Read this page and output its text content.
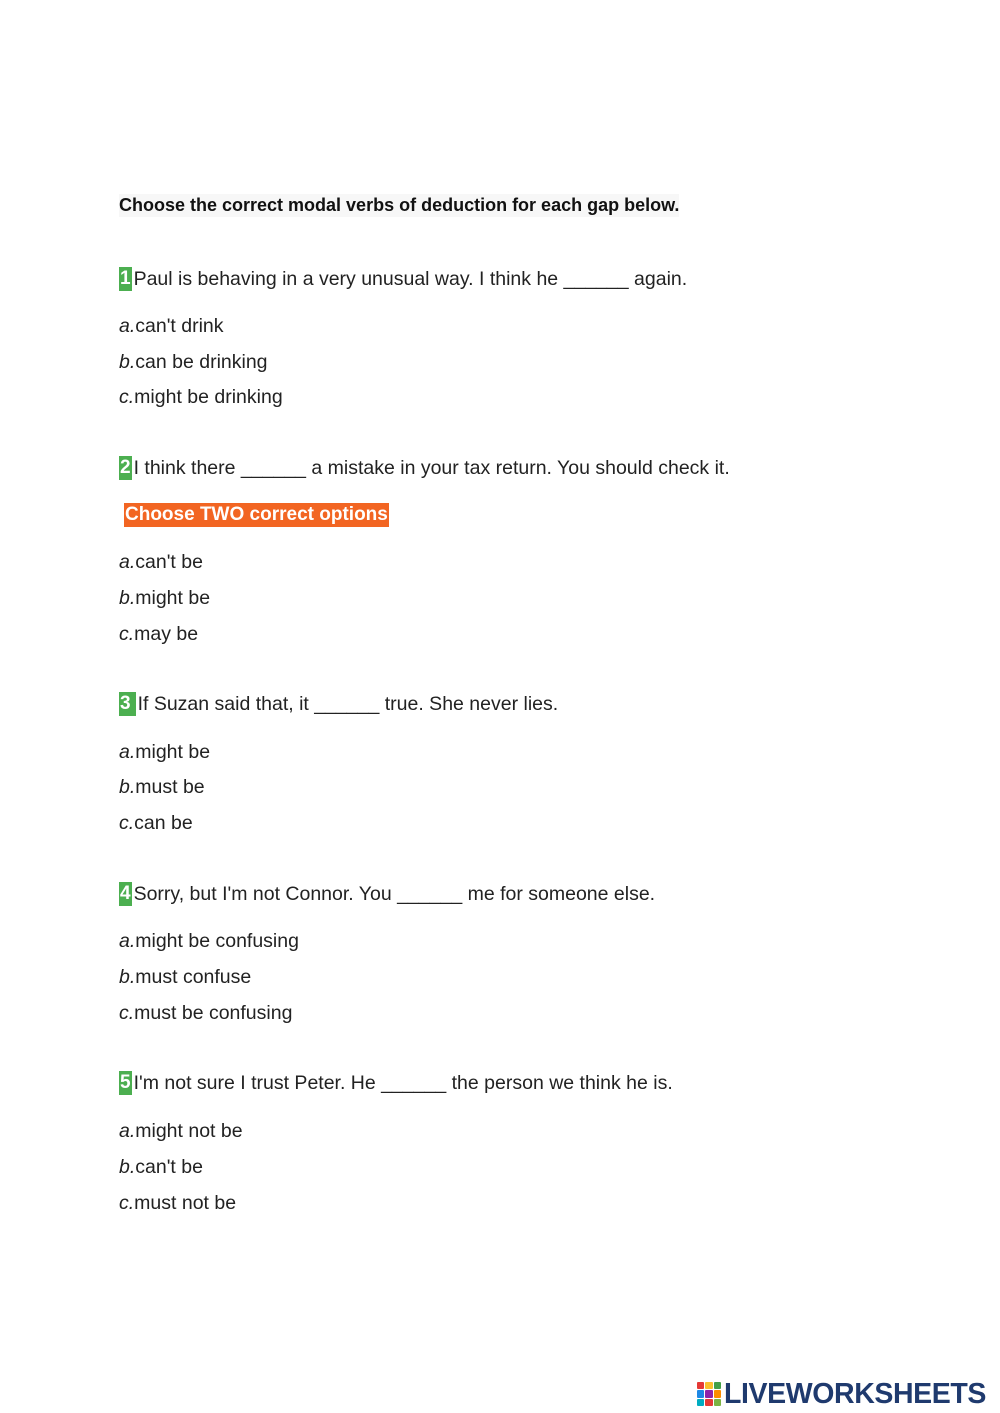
Choose the correct modal verbs of deduction for each gap below.
1 Paul is behaving in a very unusual way. I think he ______ again.
a.can't drink
b.can be drinking
c.might be drinking
2 I think there ______ a mistake in your tax return. You should check it.
Choose TWO correct options
a.can't be
b.might be
c.may be
3 If Suzan said that, it ______ true. She never lies.
a.might be
b.must be
c.can be
4 Sorry, but I'm not Connor. You ______ me for someone else.
a.might be confusing
b.must confuse
c.must be confusing
5 I'm not sure I trust Peter. He ______ the person we think he is.
a.might not be
b.can't be
c.must not be
LIVEWORKSHEETS
